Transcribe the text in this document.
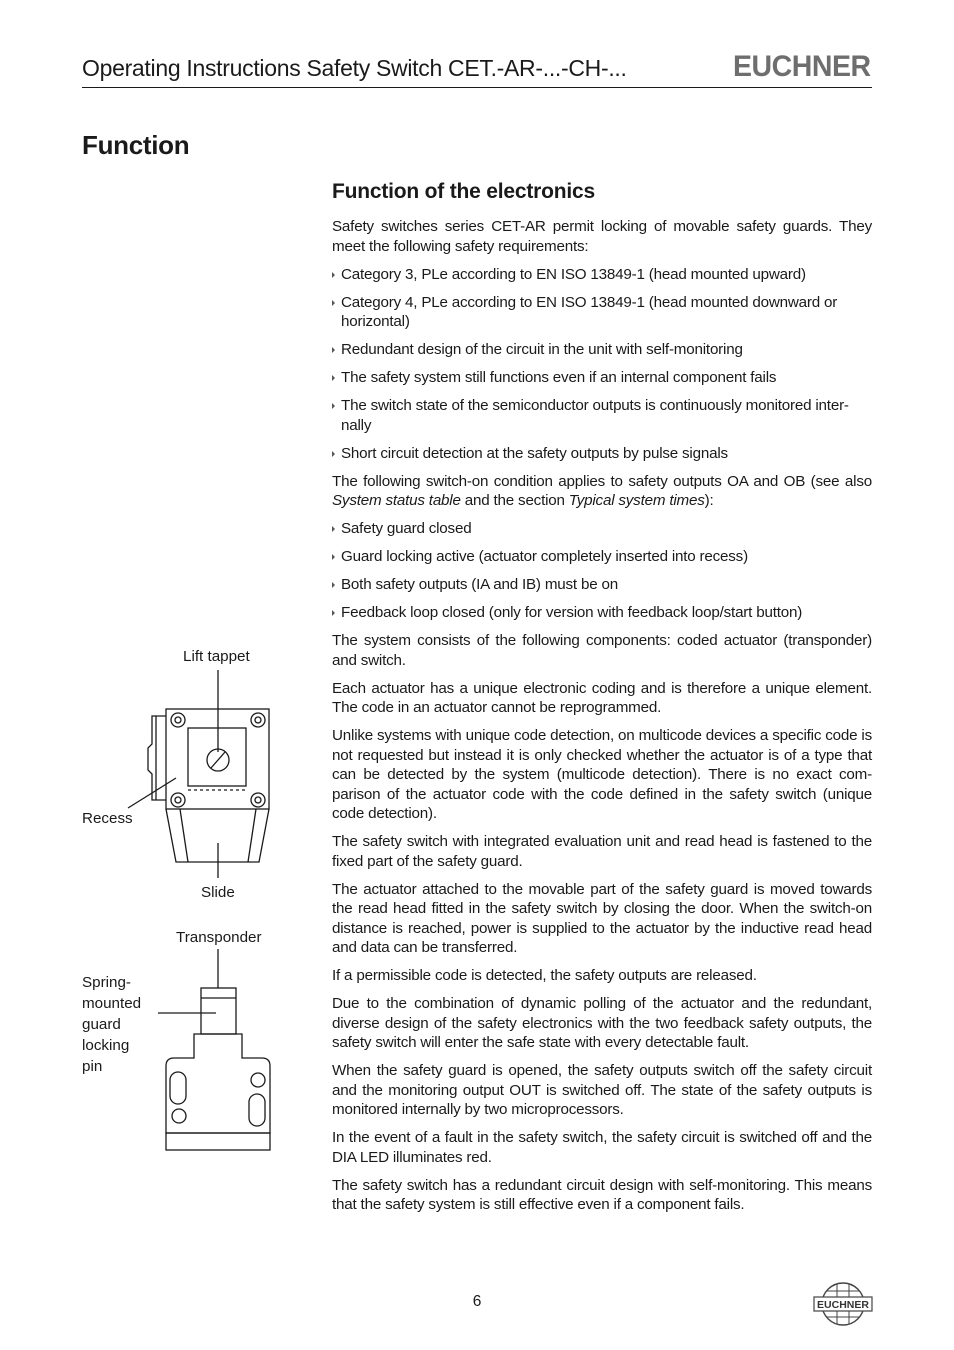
Operating Instructions Safety Switch CET.-AR-...-CH-...	EUCHNER
Function
Function of the electronics

Safety switches series CET-AR permit locking of movable safety guards. They meet the following safety requirements:

Category 3, PLe according to EN ISO 13849-1 (head mounted upward)
Category 4, PLe according to EN ISO 13849-1 (head mounted downward or horizontal)
Redundant design of the circuit in the unit with self-monitoring
The safety system still functions even if an internal component fails
The switch state of the semiconductor outputs is continuously monitored inter-nally
Short circuit detection at the safety outputs by pulse signals

The following switch-on condition applies to safety outputs OA and OB (see also System status table and the section Typical system times):

Safety guard closed
Guard locking active (actuator completely inserted into recess)
Both safety outputs (IA and IB) must be on
Feedback loop closed (only for version with feedback loop/start button)

The system consists of the following components: coded actuator (transponder) and switch.

Each actuator has a unique electronic coding and is therefore a unique element. The code in an actuator cannot be reprogrammed.

Unlike systems with unique code detection, on multicode devices a specific code is not requested but instead it is only checked whether the actuator is of a type that can be detected by the system (multicode detection). There is no exact com-parison of the actuator code with the code defined in the safety switch (unique code detection).

The safety switch with integrated evaluation unit and read head is fastened to the fixed part of the safety guard.

The actuator attached to the movable part of the safety guard is moved towards the read head fitted in the safety switch by closing the door. When the switch-on distance is reached, power is supplied to the actuator by the inductive read head and data can be transferred.

If a permissible code is detected, the safety outputs are released.

Due to the combination of dynamic polling of the actuator and the redundant, diverse design of the safety electronics with the two feedback safety outputs, the safety switch will enter the safe state with every detectable fault.

When the safety guard is opened, the safety outputs switch off the safety circuit and the monitoring output OUT is switched off. The state of the safety outputs is monitored internally by two microprocessors.

In the event of a fault in the safety switch, the safety circuit is switched off and the DIA LED illuminates red.

The safety switch has a redundant circuit design with self-monitoring. This means that the safety system is still effective even if a component fails.

Lift tappet
Recess
Slide
Transponder
Spring-
mounted
guard
locking
pin
6	EUCHNER
